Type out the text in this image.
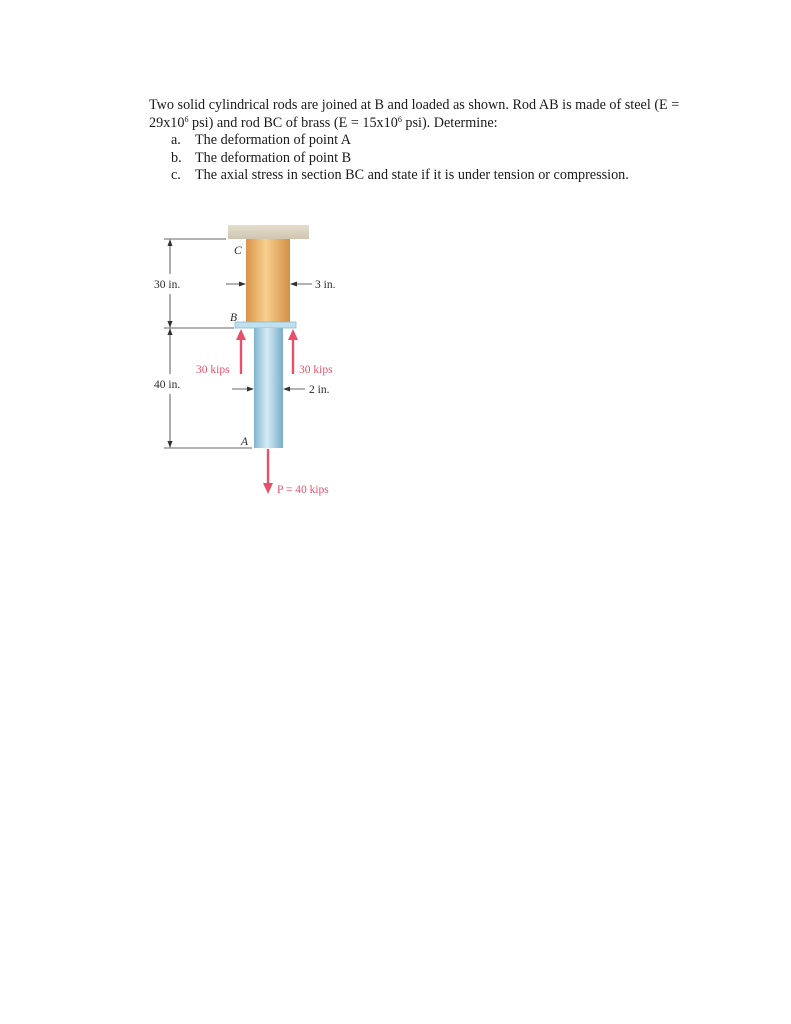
Two solid cylindrical rods are joined at B and loaded as shown. Rod AB is made of steel (E =
$29x10^6$ psi) and rod BC of brass ($E = 15x10^6$ psi). Determine:

a. The deformation of point A
b. The deformation of point B
c. The axial stress in section BC and state if it is under tension or compression.
C
B
A
30 in.
40 in.
3 in.
2 in.
30 kips	30 kips
P = 40 kips
